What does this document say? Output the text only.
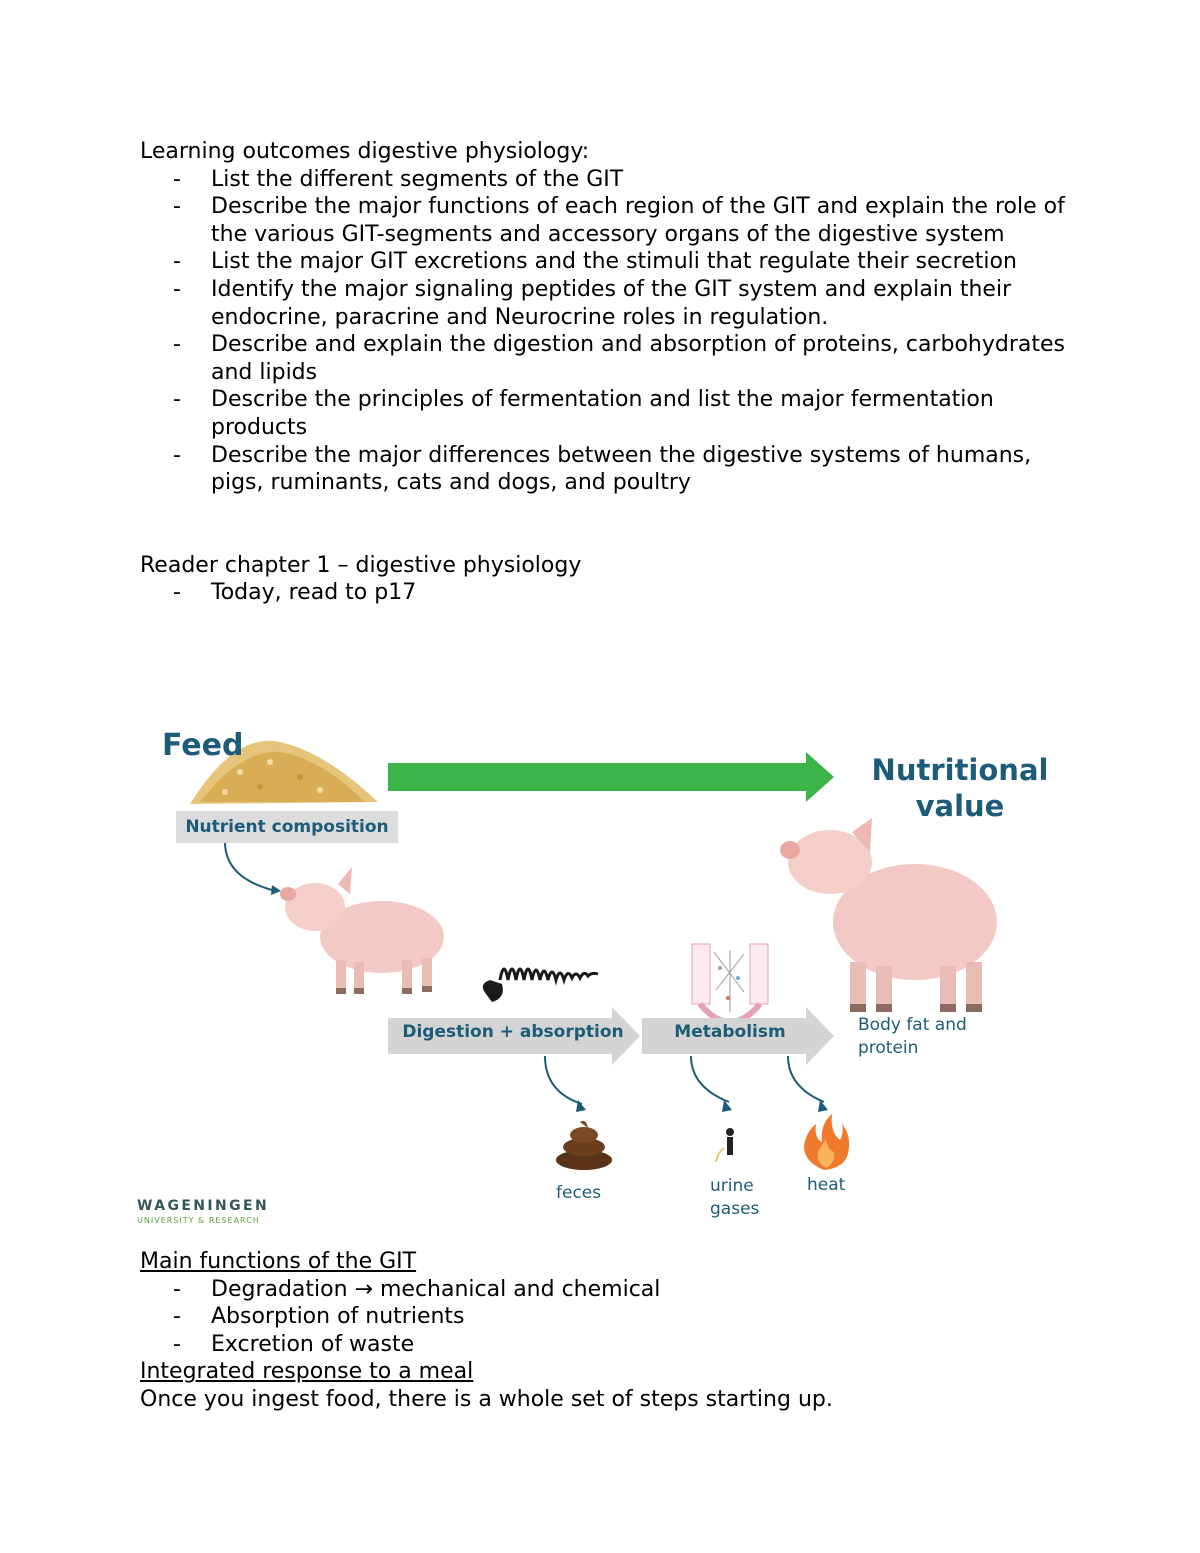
Learning outcomes digestive physiology:

- List the different segments of the GIT
- Describe the major functions of each region of the GIT and explain the role of the various GIT-segments and accessory organs of the digestive system
- List the major GIT excretions and the stimuli that regulate their secretion
- Identify the major signaling peptides of the GIT system and explain their endocrine, paracrine and Neurocrine roles in regulation.
- Describe and explain the digestion and absorption of proteins, carbohydrates and lipids
- Describe the principles of fermentation and list the major fermentation products
- Describe the major differences between the digestive systems of humans, pigs, ruminants, cats and dogs, and poultry

Reader chapter 1 – digestive physiology

- Today, read to p17
Feed
Nutrient composition
Nutritional
value
Digestion + absorption	Metabolism	Body fat and
protein
feces	urine
gases
heat
WAGENINGEN
UNIVERSITY & RESEARCH

Main functions of the GIT

- Degradation → mechanical and chemical
- Absorption of nutrients
- Excretion of waste

Integrated response to a meal

Once you ingest food, there is a whole set of steps starting up.
